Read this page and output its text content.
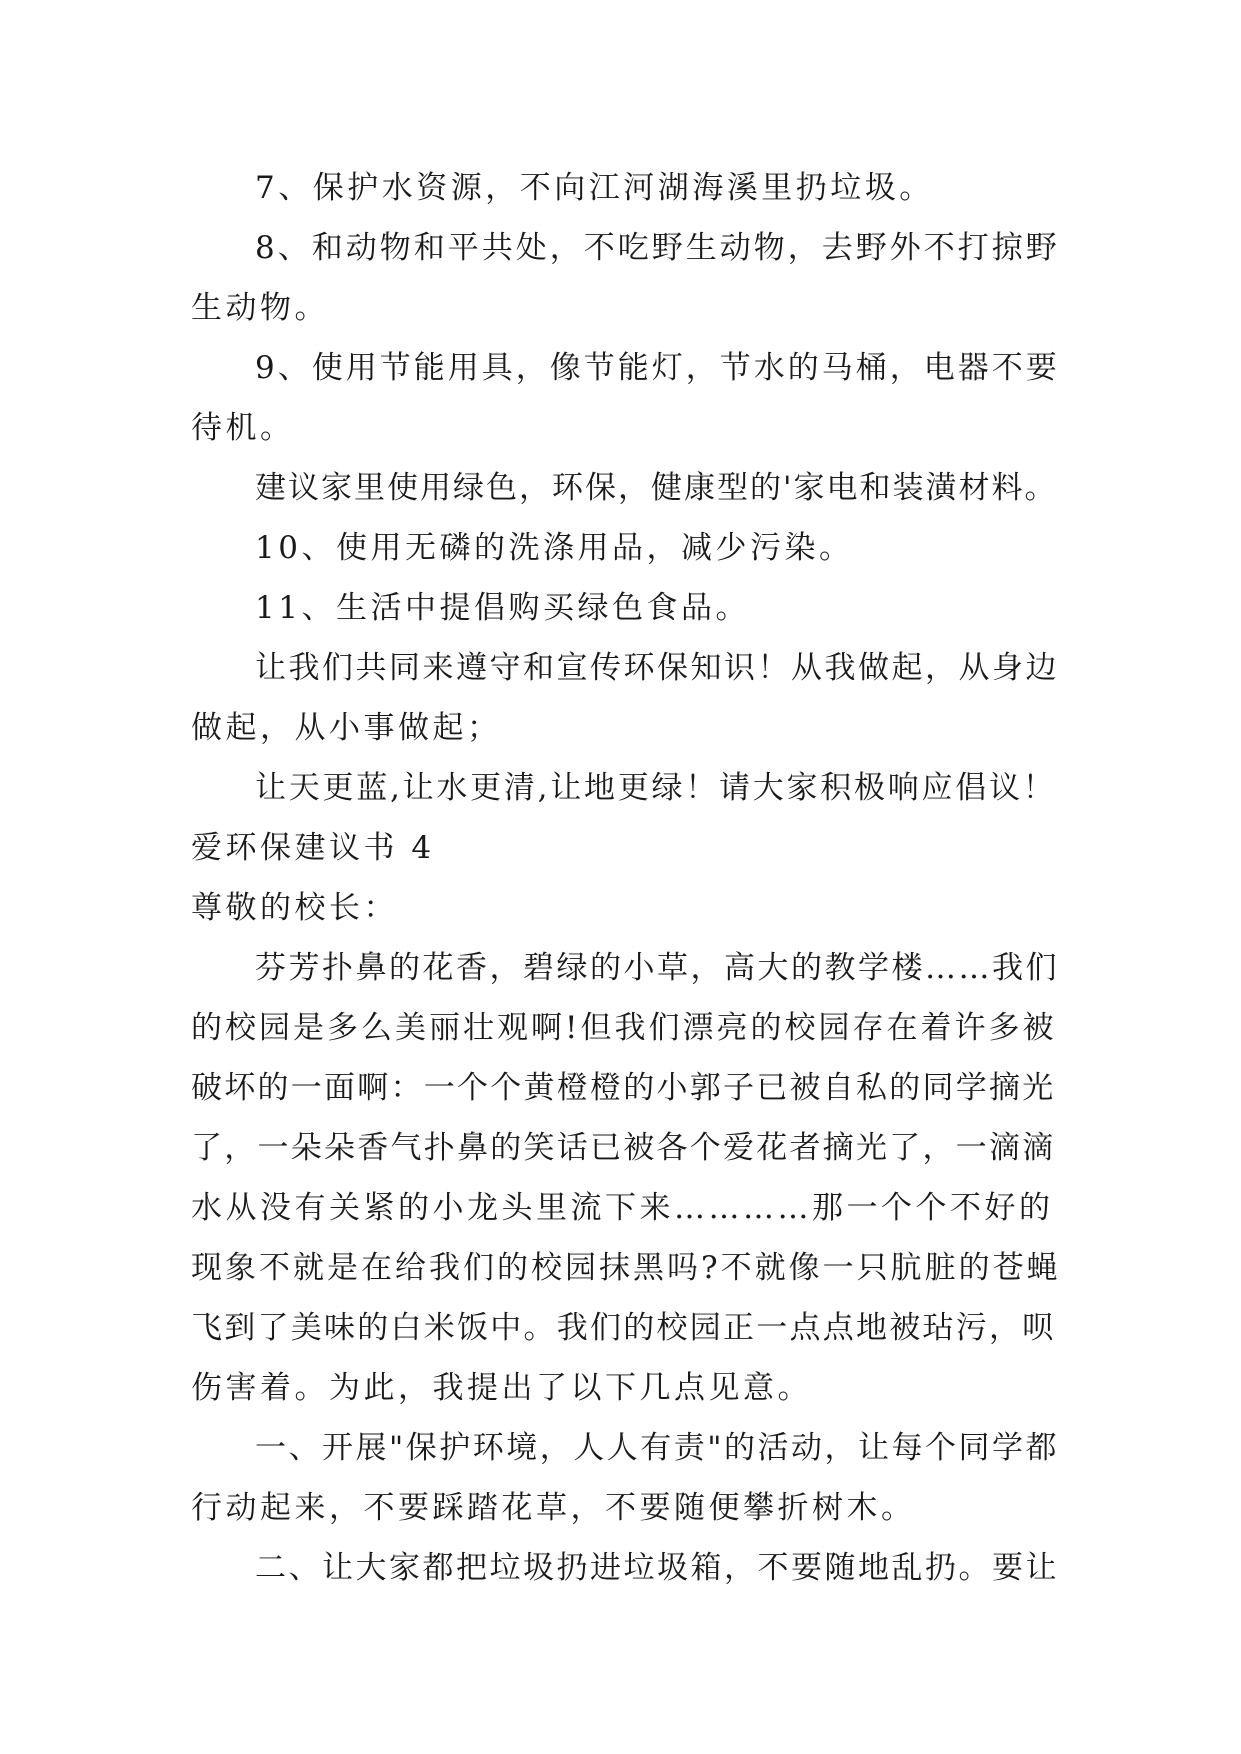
7、保护水资源，不向江河湖海溪里扔垃圾。
8、和动物和平共处，不吃野生动物，去野外不打掠野
生动物。
9、使用节能用具，像节能灯，节水的马桶，电器不要
待机。
建议家里使用绿色，环保，健康型的'家电和装潢材料。
10、使用无磷的洗涤用品，减少污染。
11、生活中提倡购买绿色食品。
让我们共同来遵守和宣传环保知识！从我做起，从身边
做起，从小事做起；
让天更蓝,让水更清,让地更绿！请大家积极响应倡议！
爱环保建议书 4
尊敬的校长：
芬芳扑鼻的花香，碧绿的小草，高大的教学楼……我们
的校园是多么美丽壮观啊!但我们漂亮的校园存在着许多被
破坏的一面啊：一个个黄橙橙的小郭子已被自私的同学摘光
了，一朵朵香气扑鼻的笑话已被各个爱花者摘光了，一滴滴
水从没有关紧的小龙头里流下来…………那一个个不好的
现象不就是在给我们的校园抹黑吗?不就像一只肮脏的苍蝇
飞到了美味的白米饭中。我们的校园正一点点地被玷污，呗
伤害着。为此，我提出了以下几点见意。
一、开展"保护环境，人人有责"的活动，让每个同学都
行动起来，不要踩踏花草，不要随便攀折树木。
二、让大家都把垃圾扔进垃圾箱，不要随地乱扔。要让
